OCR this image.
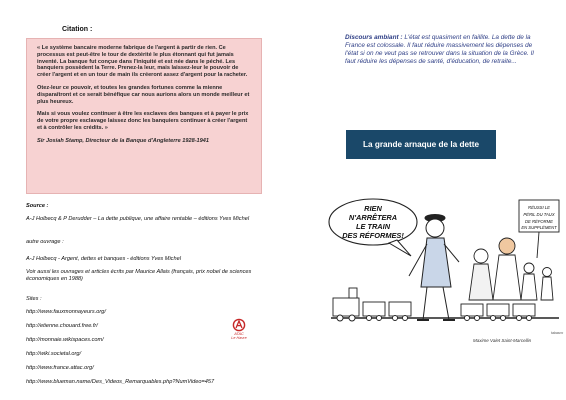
Citation :

« Le système bancaire moderne fabrique de l'argent à partir de rien. Ce processus est peut-être le tour de dextérité le plus étonnant qui fut jamais inventé. La banque fut conçue dans l'iniquité et est née dans le péché. Les banquiers possèdent la Terre. Prenez-la leur, mais laissez-leur le pouvoir de créer l'argent et en un tour de main ils créeront assez d'argent pour la racheter.

Otez-leur ce pouvoir, et toutes les grandes fortunes comme la mienne disparaîtront et ce serait bénéfique car nous aurions alors un monde meilleur et plus heureux.

Mais si vous voulez continuer à être les esclaves des banques et à payer le prix de votre propre esclavage laissez donc les banquiers continuer à créer l'argent et à contrôler les crédits. »

Sir Josiah Stamp, Directeur de la Banque d'Angleterre 1928-1941

Source :
A-J Holbecq & P Derudder – La dette publique, une affaire rentable – éditions Yves Michel
autre ouvrage :
A-J Holbecq - Argent, dettes et banques - éditions Yves Michel
Voir aussi les ouvrages et articles écrits par Maurice Allais (français, prix nobel de sciences économiques en 1988)
Sites :
http://www.fauxmonnayeurs.org/
http://etienne.chouard.free.fr/
http://monnaie.wikispaces.com/
http://wiki.societal.org/
http://www.france.attac.org/
http://www.blueman.name/Des_Videos_Remarquables.php?NumVideo=457
ATAC
Le Havre
Discours ambiant : L'état est quasiment en faillite. La dette de la France est colossale. Il faut réduire massivement les dépenses de l'état si on ne veut pas se retrouver dans la situation de la Grèce. Il faut réduire les dépenses de santé, d'éducation, de retraite...
La grande arnaque de la dette
RIEN
N'ARRÊTERA
LE TRAIN
DES RÉFORMES!
RÉUSSI LE
PÉRIL DU TAUX
DE RÉFORME
EN SUPPLÉMENT
Maxime Valet Saint-Marcellin
tabasco
